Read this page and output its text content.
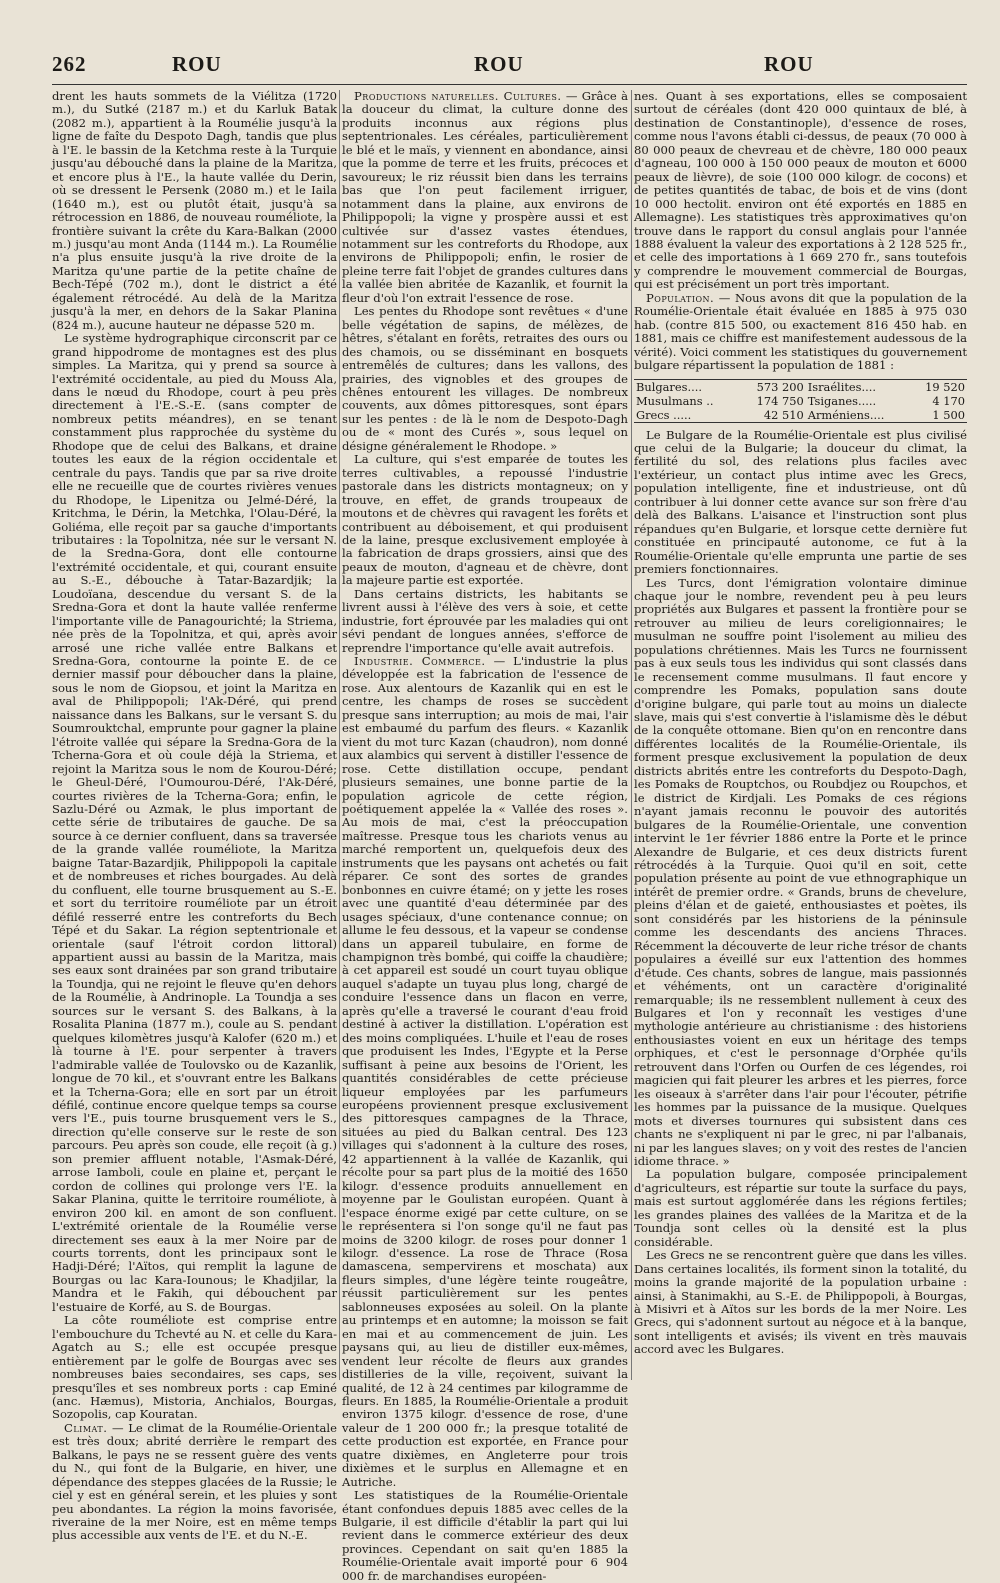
262	ROU	ROU	ROU

drent les hauts sommets de la Viélitza (1720 m.), du Sutké (2187 m.) et du Karluk Batak (2082 m.), appartient à la Roumélie jusqu'à la ligne de faîte du Despoto Dagh, tandis que plus à l'E. le bassin de la Ketchma reste à la Turquie jusqu'au débouché dans la plaine de la Maritza, et encore plus à l'E., la haute vallée du Derin, où se dressent le Persenk (2080 m.) et le Iaila (1640 m.), est ou plutôt était, jusqu'à sa rétrocession en 1886, de nouveau rouméliote, la frontière suivant la crête du Kara-Balkan (2000 m.) jusqu'au mont Anda (1144 m.). La Roumélie n'a plus ensuite jusqu'à la rive droite de la Maritza qu'une partie de la petite chaîne de Bech-Tépé (702 m.), dont le district a été également rétrocédé. Au delà de la Maritza jusqu'à la mer, en dehors de la Sakar Planina (824 m.), aucune hauteur ne dépasse 520 m.

Le système hydrographique circonscrit par ce grand hippodrome de montagnes est des plus simples. La Maritza, qui y prend sa source à l'extrémité occidentale, au pied du Mouss Ala, dans le nœud du Rhodope, court à peu près directement à l'E.-S.-E. (sans compter de nombreux petits méandres), en se tenant constamment plus rapprochée du système du Rhodope que de celui des Balkans, et draine toutes les eaux de la région occidentale et centrale du pays. Tandis que par sa rive droite elle ne recueille que de courtes rivières venues du Rhodope, le Lipenitza ou Jelmé-Déré, la Kritchma, le Dérin, la Metchka, l'Olau-Déré, la Goliéma, elle reçoit par sa gauche d'importants tributaires : la Topolnitza, née sur le versant N. de la Sredna-Gora, dont elle contourne l'extrémité occidentale, et qui, courant ensuite au S.-E., débouche à Tatar-Bazardjik; la Loudoïana, descendue du versant S. de la Sredna-Gora et dont la haute vallée renferme l'importante ville de Panagourichté; la Striema, née près de la Topolnitza, et qui, après avoir arrosé une riche vallée entre Balkans et Sredna-Gora, contourne la pointe E. de ce dernier massif pour déboucher dans la plaine, sous le nom de Giopsou, et joint la Maritza en aval de Philippopoli; l'Ak-Déré, qui prend naissance dans les Balkans, sur le versant S. du Soumrouktchal, emprunte pour gagner la plaine l'étroite vallée qui sépare la Sredna-Gora de la Tcherna-Gora et où coule déjà la Striema, et rejoint la Maritza sous le nom de Kourou-Déré; le Gheul-Déré, l'Oumourou-Déré, l'Ak-Déré, courtes rivières de la Tcherna-Gora; enfin, le Sazlu-Déré ou Azmak, le plus important de cette série de tributaires de gauche. De sa source à ce dernier confluent, dans sa traversée de la grande vallée rouméliote, la Maritza baigne Tatar-Bazardjik, Philippopoli la capitale et de nombreuses et riches bourgades. Au delà du confluent, elle tourne brusquement au S.-E. et sort du territoire rouméliote par un étroit défilé resserré entre les contreforts du Bech Tépé et du Sakar. La région septentrionale et orientale (sauf l'étroit cordon littoral) appartient aussi au bassin de la Maritza, mais ses eaux sont drainées par son grand tributaire la Toundja, qui ne rejoint le fleuve qu'en dehors de la Roumélie, à Andrinople. La Toundja a ses sources sur le versant S. des Balkans, à la Rosalita Planina (1877 m.), coule au S. pendant quelques kilomètres jusqu'à Kalofer (620 m.) et là tourne à l'E. pour serpenter à travers l'admirable vallée de Toulovsko ou de Kazanlik, longue de 70 kil., et s'ouvrant entre les Balkans et la Tcherna-Gora; elle en sort par un étroit défilé, continue encore quelque temps sa course vers l'E., puis tourne brusquement vers le S., direction qu'elle conserve sur le reste de son parcours. Peu après son coude, elle reçoit (à g.) son premier affluent notable, l'Asmak-Déré, arrose Iamboli, coule en plaine et, perçant le cordon de collines qui prolonge vers l'E. la Sakar Planina, quitte le territoire rouméliote, à environ 200 kil. en amont de son confluent. L'extrémité orientale de la Roumélie verse directement ses eaux à la mer Noire par de courts torrents, dont les principaux sont le Hadji-Déré; l'Aïtos, qui remplit la lagune de Bourgas ou lac Kara-Iounous; le Khadjilar, la Mandra et le Fakih, qui débouchent par l'estuaire de Korfé, au S. de Bourgas.

La côte rouméliote est comprise entre l'embouchure du Tchevté au N. et celle du Kara-Agatch au S.; elle est occupée presque entièrement par le golfe de Bourgas avec ses nombreuses baies secondaires, ses caps, ses presqu'îles et ses nombreux ports : cap Eminé (anc. Hæmus), Mistoria, Anchialos, Bourgas, Sozopolis, cap Kouratan.

Climat. — Le climat de la Roumélie-Orientale est très doux; abrité derrière le rempart des Balkans, le pays ne se ressent guère des vents du N., qui font de la Bulgarie, en hiver, une dépendance des steppes glacées de la Russie; le ciel y est en général serein, et les pluies y sont peu abondantes. La région la moins favorisée, riveraine de la mer Noire, est en même temps plus accessible aux vents de l'E. et du N.-E.

Productions naturelles. Cultures. — Grâce à la douceur du climat, la culture donne des produits inconnus aux régions plus septentrionales. Les céréales, particulièrement le blé et le maïs, y viennent en abondance, ainsi que la pomme de terre et les fruits, précoces et savoureux; le riz réussit bien dans les terrains bas que l'on peut facilement irriguer, notamment dans la plaine, aux environs de Philippopoli; la vigne y prospère aussi et est cultivée sur d'assez vastes étendues, notamment sur les contreforts du Rhodope, aux environs de Philippopoli; enfin, le rosier de pleine terre fait l'objet de grandes cultures dans la vallée bien abritée de Kazanlik, et fournit la fleur d'où l'on extrait l'essence de rose.

Les pentes du Rhodope sont revêtues « d'une belle végétation de sapins, de mélèzes, de hêtres, s'étalant en forêts, retraites des ours ou des chamois, ou se disséminant en bosquets entremêlés de cultures; dans les vallons, des prairies, des vignobles et des groupes de chênes entourent les villages. De nombreux couvents, aux dômes pittoresques, sont épars sur les pentes : de là le nom de Despoto-Dagh ou de « mont des Curés », sous lequel on désigne généralement le Rhodope. »

La culture, qui s'est emparée de toutes les terres cultivables, a repoussé l'industrie pastorale dans les districts montagneux; on y trouve, en effet, de grands troupeaux de moutons et de chèvres qui ravagent les forêts et contribuent au déboisement, et qui produisent de la laine, presque exclusivement employée à la fabrication de draps grossiers, ainsi que des peaux de mouton, d'agneau et de chèvre, dont la majeure partie est exportée.

Dans certains districts, les habitants se livrent aussi à l'élève des vers à soie, et cette industrie, fort éprouvée par les maladies qui ont sévi pendant de longues années, s'efforce de reprendre l'importance qu'elle avait autrefois.

Industrie. Commerce. — L'industrie la plus développée est la fabrication de l'essence de rose. Aux alentours de Kazanlik qui en est le centre, les champs de roses se succèdent presque sans interruption; au mois de mai, l'air est embaumé du parfum des fleurs. « Kazanlik vient du mot turc Kazan (chaudron), nom donné aux alambics qui servent à distiller l'essence de rose. Cette distillation occupe, pendant plusieurs semaines, une bonne partie de la population agricole de cette région, poétiquement appelée la « Vallée des roses ». Au mois de mai, c'est la préoccupation maîtresse. Presque tous les chariots venus au marché remportent un, quelquefois deux des instruments que les paysans ont achetés ou fait réparer. Ce sont des sortes de grandes bonbonnes en cuivre étamé; on y jette les roses avec une quantité d'eau déterminée par des usages spéciaux, d'une contenance connue; on allume le feu dessous, et la vapeur se condense dans un appareil tubulaire, en forme de champignon très bombé, qui coiffe la chaudière; à cet appareil est soudé un court tuyau oblique auquel s'adapte un tuyau plus long, chargé de conduire l'essence dans un flacon en verre, après qu'elle a traversé le courant d'eau froid destiné à activer la distillation. L'opération est des moins compliquées. L'huile et l'eau de roses que produisent les Indes, l'Egypte et la Perse suffisant à peine aux besoins de l'Orient, les quantités considérables de cette précieuse liqueur employées par les parfumeurs européens proviennent presque exclusivement des pittoresques campagnes de la Thrace, situées au pied du Balkan central. Des 123 villages qui s'adonnent à la culture des roses, 42 appartiennent à la vallée de Kazanlik, qui récolte pour sa part plus de la moitié des 1650 kilogr. d'essence produits annuellement en moyenne par le Goulistan européen. Quant à l'espace énorme exigé par cette culture, on se le représentera si l'on songe qu'il ne faut pas moins de 3200 kilogr. de roses pour donner 1 kilogr. d'essence. La rose de Thrace (Rosa damascena, sempervirens et moschata) aux fleurs simples, d'une légère teinte rougeâtre, réussit particulièrement sur les pentes sablonneuses exposées au soleil. On la plante au printemps et en automne; la moisson se fait en mai et au commencement de juin. Les paysans qui, au lieu de distiller eux-mêmes, vendent leur récolte de fleurs aux grandes distilleries de la ville, reçoivent, suivant la qualité, de 12 à 24 centimes par kilogramme de fleurs. En 1885, la Roumélie-Orientale a produit environ 1375 kilogr. d'essence de rose, d'une valeur de 1 200 000 fr.; la presque totalité de cette production est exportée, en France pour quatre dixièmes, en Angleterre pour trois dixièmes et le surplus en Allemagne et en Autriche.

Les statistiques de la Roumélie-Orientale étant confondues depuis 1885 avec celles de la Bulgarie, il est difficile d'établir la part qui lui revient dans le commerce extérieur des deux provinces. Cependant on sait qu'en 1885 la Roumélie-Orientale avait importé pour 6 904 000 fr. de marchandises européen-

nes. Quant à ses exportations, elles se composaient surtout de céréales (dont 420 000 quintaux de blé, à destination de Constantinople), d'essence de roses, comme nous l'avons établi ci-dessus, de peaux (70 000 à 80 000 peaux de chevreau et de chèvre, 180 000 peaux d'agneau, 100 000 à 150 000 peaux de mouton et 6000 peaux de lièvre), de soie (100 000 kilogr. de cocons) et de petites quantités de tabac, de bois et de vins (dont 10 000 hectolit. environ ont été exportés en 1885 en Allemagne). Les statistiques très approximatives qu'on trouve dans le rapport du consul anglais pour l'année 1888 évaluent la valeur des exportations à 2 128 525 fr., et celle des importations à 1 669 270 fr., sans toutefois y comprendre le mouvement commercial de Bourgas, qui est précisément un port très important.

Population. — Nous avons dit que la population de la Roumélie-Orientale était évaluée en 1885 à 975 030 hab. (contre 815 500, ou exactement 816 450 hab. en 1881, mais ce chiffre est manifestement audessous de la vérité). Voici comment les statistiques du gouvernement bulgare répartissent la population de 1881 :

Bulgares....	573 200	Israélites....	19 520
Musulmans ..	174 750	Tsiganes.....	4 170
Grecs .....	42 510	Arméniens....	1 500

Le Bulgare de la Roumélie-Orientale est plus civilisé que celui de la Bulgarie; la douceur du climat, la fertilité du sol, des relations plus faciles avec l'extérieur, un contact plus intime avec les Grecs, population intelligente, fine et industrieuse, ont dû contribuer à lui donner cette avance sur son frère d'au delà des Balkans. L'aisance et l'instruction sont plus répandues qu'en Bulgarie, et lorsque cette dernière fut constituée en principauté autonome, ce fut à la Roumélie-Orientale qu'elle emprunta une partie de ses premiers fonctionnaires.

Les Turcs, dont l'émigration volontaire diminue chaque jour le nombre, revendent peu à peu leurs propriétés aux Bulgares et passent la frontière pour se retrouver au milieu de leurs coreligionnaires; le musulman ne souffre point l'isolement au milieu des populations chrétiennes. Mais les Turcs ne fournissent pas à eux seuls tous les individus qui sont classés dans le recensement comme musulmans. Il faut encore y comprendre les Pomaks, population sans doute d'origine bulgare, qui parle tout au moins un dialecte slave, mais qui s'est convertie à l'islamisme dès le début de la conquête ottomane. Bien qu'on en rencontre dans différentes localités de la Roumélie-Orientale, ils forment presque exclusivement la population de deux districts abrités entre les contreforts du Despoto-Dagh, les Pomaks de Rouptchos, ou Roubdjez ou Roupchos, et le district de Kirdjali. Les Pomaks de ces régions n'ayant jamais reconnu le pouvoir des autorités bulgares de la Roumélie-Orientale, une convention intervint le 1er février 1886 entre la Porte et le prince Alexandre de Bulgarie, et ces deux districts furent rétrocédés à la Turquie. Quoi qu'il en soit, cette population présente au point de vue ethnographique un intérêt de premier ordre. « Grands, bruns de chevelure, pleins d'élan et de gaieté, enthousiastes et poètes, ils sont considérés par les historiens de la péninsule comme les descendants des anciens Thraces. Récemment la découverte de leur riche trésor de chants populaires a éveillé sur eux l'attention des hommes d'étude. Ces chants, sobres de langue, mais passionnés et véhéments, ont un caractère d'originalité remarquable; ils ne ressemblent nullement à ceux des Bulgares et l'on y reconnaît les vestiges d'une mythologie antérieure au christianisme : des historiens enthousiastes voient en eux un héritage des temps orphiques, et c'est le personnage d'Orphée qu'ils retrouvent dans l'Orfen ou Ourfen de ces légendes, roi magicien qui fait pleurer les arbres et les pierres, force les oiseaux à s'arrêter dans l'air pour l'écouter, pétrifie les hommes par la puissance de la musique. Quelques mots et diverses tournures qui subsistent dans ces chants ne s'expliquent ni par le grec, ni par l'albanais, ni par les langues slaves; on y voit des restes de l'ancien idiome thrace. »

La population bulgare, composée principalement d'agriculteurs, est répartie sur toute la surface du pays, mais est surtout agglomérée dans les régions fertiles; les grandes plaines des vallées de la Maritza et de la Toundja sont celles où la densité est la plus considérable.

Les Grecs ne se rencontrent guère que dans les villes. Dans certaines localités, ils forment sinon la totalité, du moins la grande majorité de la population urbaine : ainsi, à Stanimakhi, au S.-E. de Philippopoli, à Bourgas, à Misivri et à Aïtos sur les bords de la mer Noire. Les Grecs, qui s'adonnent surtout au négoce et à la banque, sont intelligents et avisés; ils vivent en très mauvais accord avec les Bulgares.
